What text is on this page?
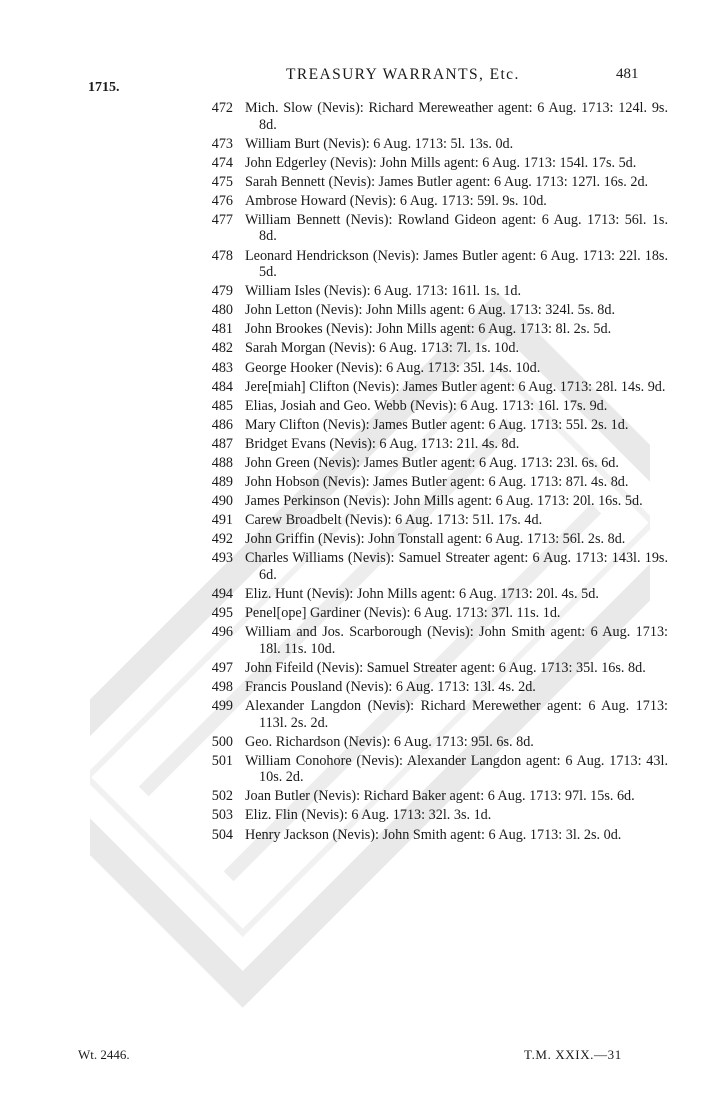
TREASURY WARRANTS, Etc.	481
1715.
472 Mich. Slow (Nevis): Richard Mereweather agent: 6 Aug. 1713: 124l. 9s. 8d.
473 William Burt (Nevis): 6 Aug. 1713: 5l. 13s. 0d.
474 John Edgerley (Nevis): John Mills agent: 6 Aug. 1713: 154l. 17s. 5d.
475 Sarah Bennett (Nevis): James Butler agent: 6 Aug. 1713: 127l. 16s. 2d.
476 Ambrose Howard (Nevis): 6 Aug. 1713: 59l. 9s. 10d.
477 William Bennett (Nevis): Rowland Gideon agent: 6 Aug. 1713: 56l. 1s. 8d.
478 Leonard Hendrickson (Nevis): James Butler agent: 6 Aug. 1713: 22l. 18s. 5d.
479 William Isles (Nevis): 6 Aug. 1713: 161l. 1s. 1d.
480 John Letton (Nevis): John Mills agent: 6 Aug. 1713: 324l. 5s. 8d.
481 John Brookes (Nevis): John Mills agent: 6 Aug. 1713: 8l. 2s. 5d.
482 Sarah Morgan (Nevis): 6 Aug. 1713: 7l. 1s. 10d.
483 George Hooker (Nevis): 6 Aug. 1713: 35l. 14s. 10d.
484 Jere[miah] Clifton (Nevis): James Butler agent: 6 Aug. 1713: 28l. 14s. 9d.
485 Elias, Josiah and Geo. Webb (Nevis): 6 Aug. 1713: 16l. 17s. 9d.
486 Mary Clifton (Nevis): James Butler agent: 6 Aug. 1713: 55l. 2s. 1d.
487 Bridget Evans (Nevis): 6 Aug. 1713: 21l. 4s. 8d.
488 John Green (Nevis): James Butler agent: 6 Aug. 1713: 23l. 6s. 6d.
489 John Hobson (Nevis): James Butler agent: 6 Aug. 1713: 87l. 4s. 8d.
490 James Perkinson (Nevis): John Mills agent: 6 Aug. 1713: 20l. 16s. 5d.
491 Carew Broadbelt (Nevis): 6 Aug. 1713: 51l. 17s. 4d.
492 John Griffin (Nevis): John Tonstall agent: 6 Aug. 1713: 56l. 2s. 8d.
493 Charles Williams (Nevis): Samuel Streater agent: 6 Aug. 1713: 143l. 19s. 6d.
494 Eliz. Hunt (Nevis): John Mills agent: 6 Aug. 1713: 20l. 4s. 5d.
495 Penel[ope] Gardiner (Nevis): 6 Aug. 1713: 37l. 11s. 1d.
496 William and Jos. Scarborough (Nevis): John Smith agent: 6 Aug. 1713: 18l. 11s. 10d.
497 John Fifeild (Nevis): Samuel Streater agent: 6 Aug. 1713: 35l. 16s. 8d.
498 Francis Pousland (Nevis): 6 Aug. 1713: 13l. 4s. 2d.
499 Alexander Langdon (Nevis): Richard Merewether agent: 6 Aug. 1713: 113l. 2s. 2d.
500 Geo. Richardson (Nevis): 6 Aug. 1713: 95l. 6s. 8d.
501 William Conohore (Nevis): Alexander Langdon agent: 6 Aug. 1713: 43l. 10s. 2d.
502 Joan Butler (Nevis): Richard Baker agent: 6 Aug. 1713: 97l. 15s. 6d.
503 Eliz. Flin (Nevis): 6 Aug. 1713: 32l. 3s. 1d.
504 Henry Jackson (Nevis): John Smith agent: 6 Aug. 1713: 3l. 2s. 0d.
Wt. 2446.	T.M. XXIX.—31
